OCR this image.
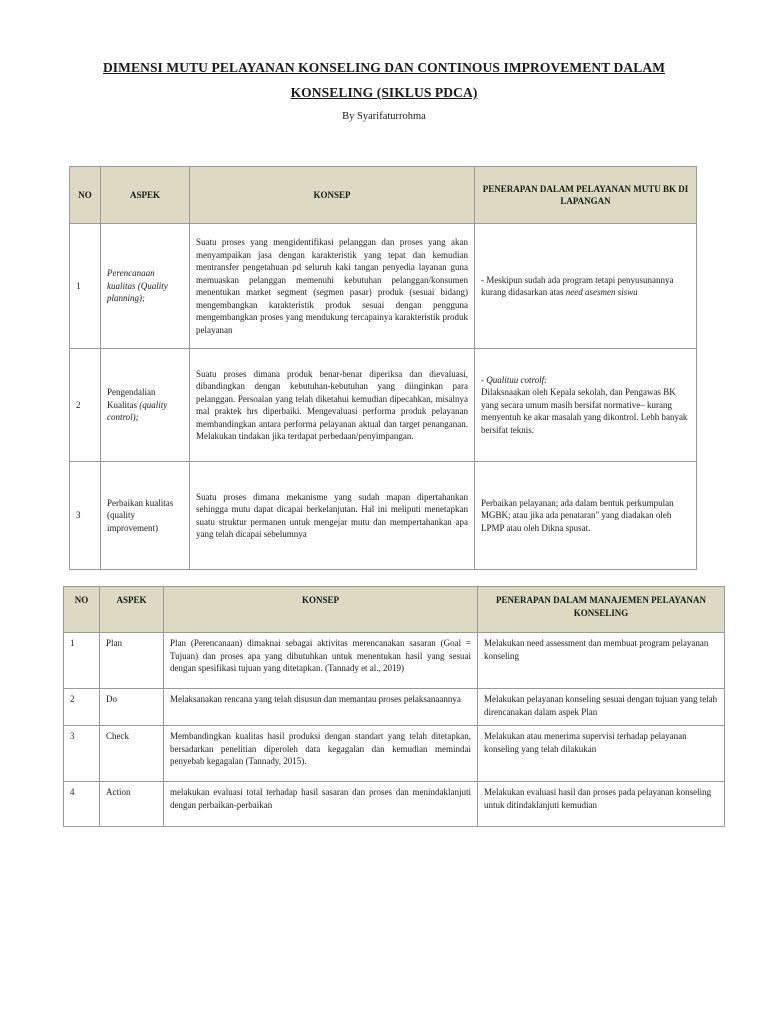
DIMENSI MUTU PELAYANAN KONSELING DAN CONTINOUS IMPROVEMENT DALAM KONSELING (SIKLUS PDCA)
By Syarifaturrohma
NO	ASPEK	KONSEP	PENERAPAN DALAM PELAYANAN MUTU BK DI LAPANGAN
1	Perencanaan kualitas (Quality planning);	Suatu proses yang mengidentifikasi pelanggan dan proses yang akan menyampaikan jasa dengan karakteristik yang tepat dan kemudian mentransfer pengetahuan pd seluruh kaki tangan penyedia layanan guna memuaskan pelanggan memenuhi kebutuhan pelanggan/konsumen menentukan market segment (segmen pasar) produk (sesuai bidang) mengembangkan karakteristik produk sesuai dengan pengguna mengembangkan proses yang mendukung tercapainya karakteristik produk pelayanan	- Meskipun sudah ada program tetapi penyusunannya kurang didasarkan atas need asesmen siswa
2	Pengendalian Kualitas (quality control);	Suatu proses dimana produk benar-benar diperiksa dan dievaluasi, dibandingkan dengan kebutuhan-kebutuhan yang diinginkan para pelanggan. Persoalan yang telah diketahui kemudian dipecahkan, misalnya mal praktek hrs diperbaiki. Mengevaluasi performa produk pelayanan membandingkan antara performa pelayanan aktual dan target penanganan. Melakukan tindakan jika terdapat perbedaan/penyimpangan.	- Qualituu cotrolf:
Dilaksnaakan oleh Kepala sekolah, dan Pengawas BK yang secara umum masih bersifat normative– kurang menyentuh ke akar masalah yang dikontrol. Lebh banyak bersifat teknis.

3	Perbaikan kualitas (quality improvement)	Suatu proses dimana mekanisme yang sudah mapan dipertahankan sehingga mutu dapat dicapai berkelanjutan. Hal ini meliputi menetapkan suatu struktur permanen untuk mengejar mutu dan mempertahankan apa yang telah dicapai sebelumnya	Perbaikan pelayanan; ada dalam bentuk perkumpulan MGBK; atau jika ada penataran" yang diadakan oleh LPMP atau oleh Dikna spusat.
NO	ASPEK	KONSEP	PENERAPAN DALAM MANAJEMEN PELAYANAN KONSELING
1	Plan	Plan (Perencanaan) dimaknai sebagai aktivitas merencanakan sasaran (Goal = Tujuan) dan proses apa yang dibutuhkan untuk menentukan hasil yang sesuai dengan spesifikasi tujuan yang ditetapkan. (Tannady et al., 2019)	Melakukan need assessment dan membuat program pelayanan konseling
2	Do	Melaksanakan rencana yang telah disusun dan memantau proses pelaksanaannya	Melakukan pelayanan konseling sesuai dengan tujuan yang telah direncanakan dalam aspek Plan
3	Check	Membandingkan kualitas hasil produksi dengan standart yang telah ditetapkan, bersadarkan penelitian diperoleh data kegagalan dan kemudian memindai penyebab kegagalan (Tannady, 2015).	Melakukan atau menerima supervisi terhadap pelayanan konseling yang telah dilakukan
4	Action	melakukan evaluasi total terhadap hasil sasaran dan proses dan menindaklanjuti dengan perbaikan-perbaikan	Melakukan evaluasi hasil dan proses pada pelayanan konseling untuk ditindaklanjuti kemudian
